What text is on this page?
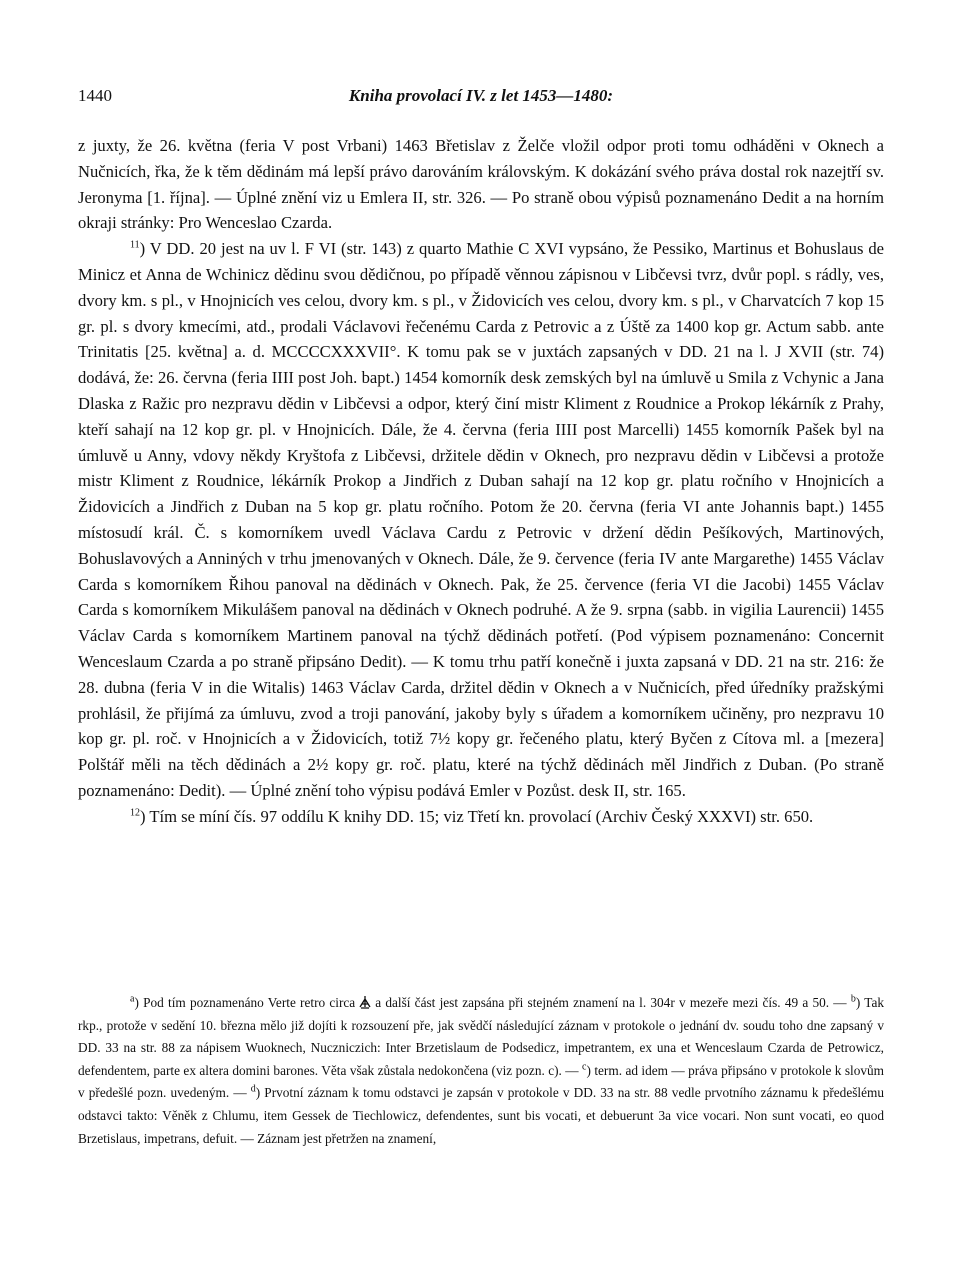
1440	Kniha provolací IV. z let 1453—1480:

z juxty, že 26. května (feria V post Vrbani) 1463 Břetislav z Želče vložil odpor proti tomu odháděni v Oknech a Nučnicích, řka, že k těm dědinám má lepší právo darováním královským. K dokázání svého práva dostal rok nazejtří sv. Jeronyma [1. října]. — Úplné znění viz u Emlera II, str. 326. — Po straně obou výpisů poznamenáno Dedit a na horním okraji stránky: Pro Wenceslao Czarda.

$^{11}$) V DD. 20 jest na uv l. F VI (str. 143) z quarto Mathie C XVI vypsáno, že Pessiko, Martinus et Bohuslaus de Minicz et Anna de Wchinicz dědinu svou dědičnou, po případě věnnou zápisnou v Libčevsi tvrz, dvůr popl. s rádly, ves, dvory km. s pl., v Hnojnicích ves celou, dvory km. s pl., v Židovicích ves celou, dvory km. s pl., v Charvatcích 7 kop 15 gr. pl. s dvory kmecími, atd., prodali Václavovi řečenému Carda z Petrovic a z Úště za 1400 kop gr. Actum sabb. ante Trinitatis [25. května] a. d. MCCCCXXXVII°. K tomu pak se v juxtách zapsaných v DD. 21 na l. J XVII (str. 74) dodává, že: 26. června (feria IIII post Joh. bapt.) 1454 komorník desk zemských byl na úmluvě u Smila z Vchynic a Jana Dlaska z Ražic pro nezpravu dědin v Libčevsi a odpor, který činí mistr Kliment z Roudnice a Prokop lékárník z Prahy, kteří sahají na 12 kop gr. pl. v Hnojnicích. Dále, že 4. června (feria IIII post Marcelli) 1455 komorník Pašek byl na úmluvě u Anny, vdovy někdy Kryštofa z Libčevsi, držitele dědin v Oknech, pro nezpravu dědin v Libčevsi a protože mistr Kliment z Roudnice, lékárník Prokop a Jindřich z Duban sahají na 12 kop gr. platu ročního v Hnojnicích a Židovicích a Jindřich z Duban na 5 kop gr. platu ročního. Potom že 20. června (feria VI ante Johannis bapt.) 1455 místosudí král. Č. s komorníkem uvedl Václava Cardu z Petrovic v držení dědin Pešíkových, Martinových, Bohuslavových a Anniných v trhu jmenovaných v Oknech. Dále, že 9. července (feria IV ante Margarethe) 1455 Václav Carda s komorníkem Řihou panoval na dědinách v Oknech. Pak, že 25. července (feria VI die Jacobi) 1455 Václav Carda s komorníkem Mikulášem panoval na dědinách v Oknech podruhé. A že 9. srpna (sabb. in vigilia Laurencii) 1455 Václav Carda s komorníkem Martinem panoval na týchž dědinách potřetí. (Pod výpisem poznamenáno: Concernit Wenceslaum Czarda a po straně připsáno Dedit). — K tomu trhu patří konečně i juxta zapsaná v DD. 21 na str. 216: že 28. dubna (feria V in die Witalis) 1463 Václav Carda, držitel dědin v Oknech a v Nučnicích, před úředníky pražskými prohlásil, že přijímá za úmluvu, zvod a troji panování, jakoby byly s úřadem a komorníkem učiněny, pro nezpravu 10 kop gr. pl. roč. v Hnojnicích a v Židovicích, totiž 7½ kopy gr. řečeného platu, který Byčen z Cítova ml. a [mezera] Polštář měli na těch dědinách a 2½ kopy gr. roč. platu, které na týchž dědinách měl Jindřich z Duban. (Po straně poznamenáno: Dedit). — Úplné znění toho výpisu podává Emler v Pozůst. desk II, str. 165.

$^{12}$) Tím se míní čís. 97 oddílu K knihy DD. 15; viz Třetí kn. provolací (Archiv Český XXXVI) str. 650.

$^a$) Pod tím poznamenáno Verte retro circa a další část jest zapsána při stejném znamení na l. 304r v mezeře mezi čís. 49 a 50. — $^b$) Tak rkp., protože v sedění 10. března mělo již dojíti k rozsouzení pře, jak svědčí následující záznam v protokole o jednání dv. soudu toho dne zapsaný v DD. 33 na str. 88 za nápisem Wuoknech, Nuczniczich: Inter Brzetislaum de Podsedicz, impetrantem, ex una et Wenceslaum Czarda de Petrowicz, defendentem, parte ex altera domini barones. Věta však zůstala nedokončena (viz pozn. c). — $^c$) term. ad idem — práva připsáno v protokole k slovům v předešlé pozn. uvedeným. — $^d$) Prvotní záznam k tomu odstavci je zapsán v protokole v DD. 33 na str. 88 vedle prvotního záznamu k předešlému odstavci takto: Věněk z Chlumu, item Gessek de Tiechlowicz, defendentes, sunt bis vocati, et debuerunt 3a vice vocari. Non sunt vocati, eo quod Brzetislaus, impetrans, defuit. — Záznam jest přetržen na znamení,
